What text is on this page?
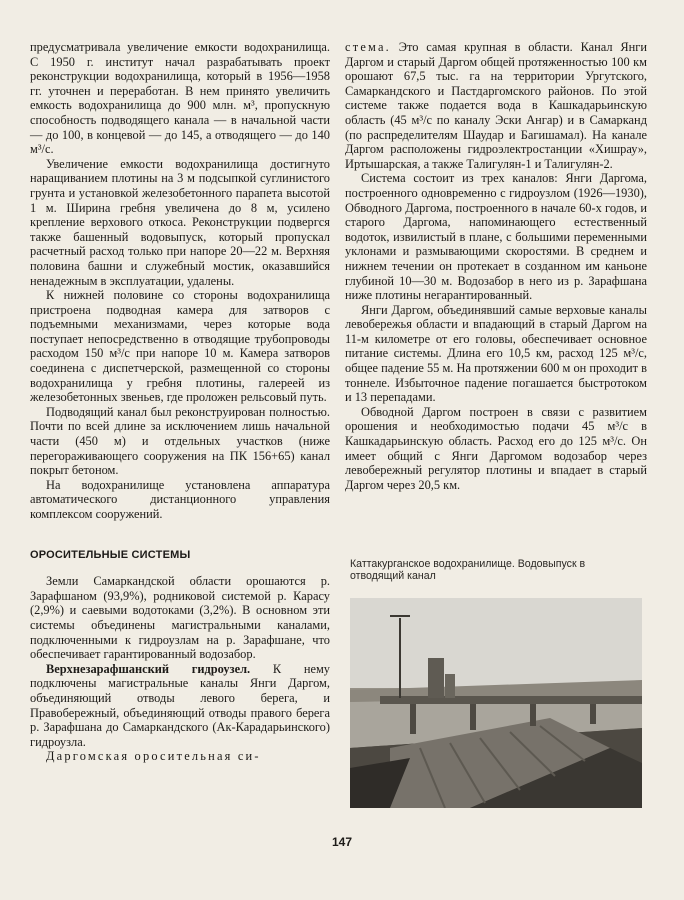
предусматривала увеличение емкости водохранилища. С 1950 г. институт начал разрабатывать проект реконструкции водохранилища, который в 1956—1958 гг. уточнен и переработан. В нем принято увеличить емкость водохранилища до 900 млн. м³, пропускную способность подводящего канала — в начальной части — до 100, в концевой — до 145, а отводящего — до 140 м³/с.

Увеличение емкости водохранилища достигнуто наращиванием плотины на 3 м подсыпкой суглинистого грунта и установкой железобетонного парапета высотой 1 м. Ширина гребня увеличена до 8 м, усилено крепление верхового откоса. Реконструкции подвергся также башенный водовыпуск, который пропускал расчетный расход только при напоре 20—22 м. Верхняя половина башни и служебный мостик, оказавшийся ненадежным в эксплуатации, удалены.

К нижней половине со стороны водохранилища пристроена подводная камера для затворов с подъемными механизмами, через которые вода поступает непосредственно в отводящие трубопроводы расходом 150 м³/с при напоре 10 м. Камера затворов соединена с диспетчерской, размещенной со стороны водохранилища у гребня плотины, галереей из железобетонных звеньев, где проложен рельсовый путь.

Подводящий канал был реконструирован полностью. Почти по всей длине за исключением лишь начальной части (450 м) и отдельных участков (ниже перегораживающего сооружения на ПК 156+65) канал покрыт бетоном.

На водохранилище установлена аппаратура автоматического дистанционного управления комплексом сооружений.

ОРОСИТЕЛЬНЫЕ СИСТЕМЫ

Земли Самаркандской области орошаются р. Зарафшаном (93,9%), родниковой системой р. Карасу (2,9%) и саевыми водотоками (3,2%). В основном эти системы объединены магистральными каналами, подключенными к гидроузлам на р. Зарафшане, что обеспечивает гарантированный водозабор.

Верхнезарафшанский гидроузел. К нему подключены магистральные каналы Янги Даргом, объединяющий отводы левого берега, и Правобережный, объединяющий отводы правого берега р. Зарафшана до Самаркандского (Ак-Карадарьинского) гидроузла.

Даргомская оросительная си-

стема. Это самая крупная в области. Канал Янги Даргом и старый Даргом общей протяженностью 100 км орошают 67,5 тыс. га на территории Ургутского, Самаркандского и Пастдаргомского районов. По этой системе также подается вода в Кашкадарьинскую область (45 м³/с по каналу Эски Ангар) и в Самарканд (по распределителям Шаудар и Багишамал). На канале Даргом расположены гидроэлектростанции «Хишрау», Иртышарская, а также Талигулян-1 и Талигулян-2.

Система состоит из трех каналов: Янги Даргома, построенного одновременно с гидроузлом (1926—1930), Обводного Даргома, построенного в начале 60-х годов, и старого Даргома, напоминающего естественный водоток, извилистый в плане, с большими переменными уклонами и размывающими скоростями. В среднем и нижнем течении он протекает в созданном им каньоне глубиной 10—30 м. Водозабор в него из р. Зарафшана ниже плотины негарантированный.

Янги Даргом, объединявший самые верховые каналы левобережья области и впадающий в старый Даргом на 11-м километре от его головы, обеспечивает основное питание системы. Длина его 10,5 км, расход 125 м³/с, общее падение 55 м. На протяжении 600 м он проходит в тоннеле. Избыточное падение погашается быстротоком и 13 перепадами.

Обводной Даргом построен в связи с развитием орошения и необходимостью подачи 45 м³/с в Кашкадарьинскую область. Расход его до 125 м³/с. Он имеет общий с Янги Даргомом водозабор через левобережный регулятор плотины и впадает в старый Даргом через 20,5 км.

Каттакурганское водохранилище. Водовыпуск в отводящий канал
147
